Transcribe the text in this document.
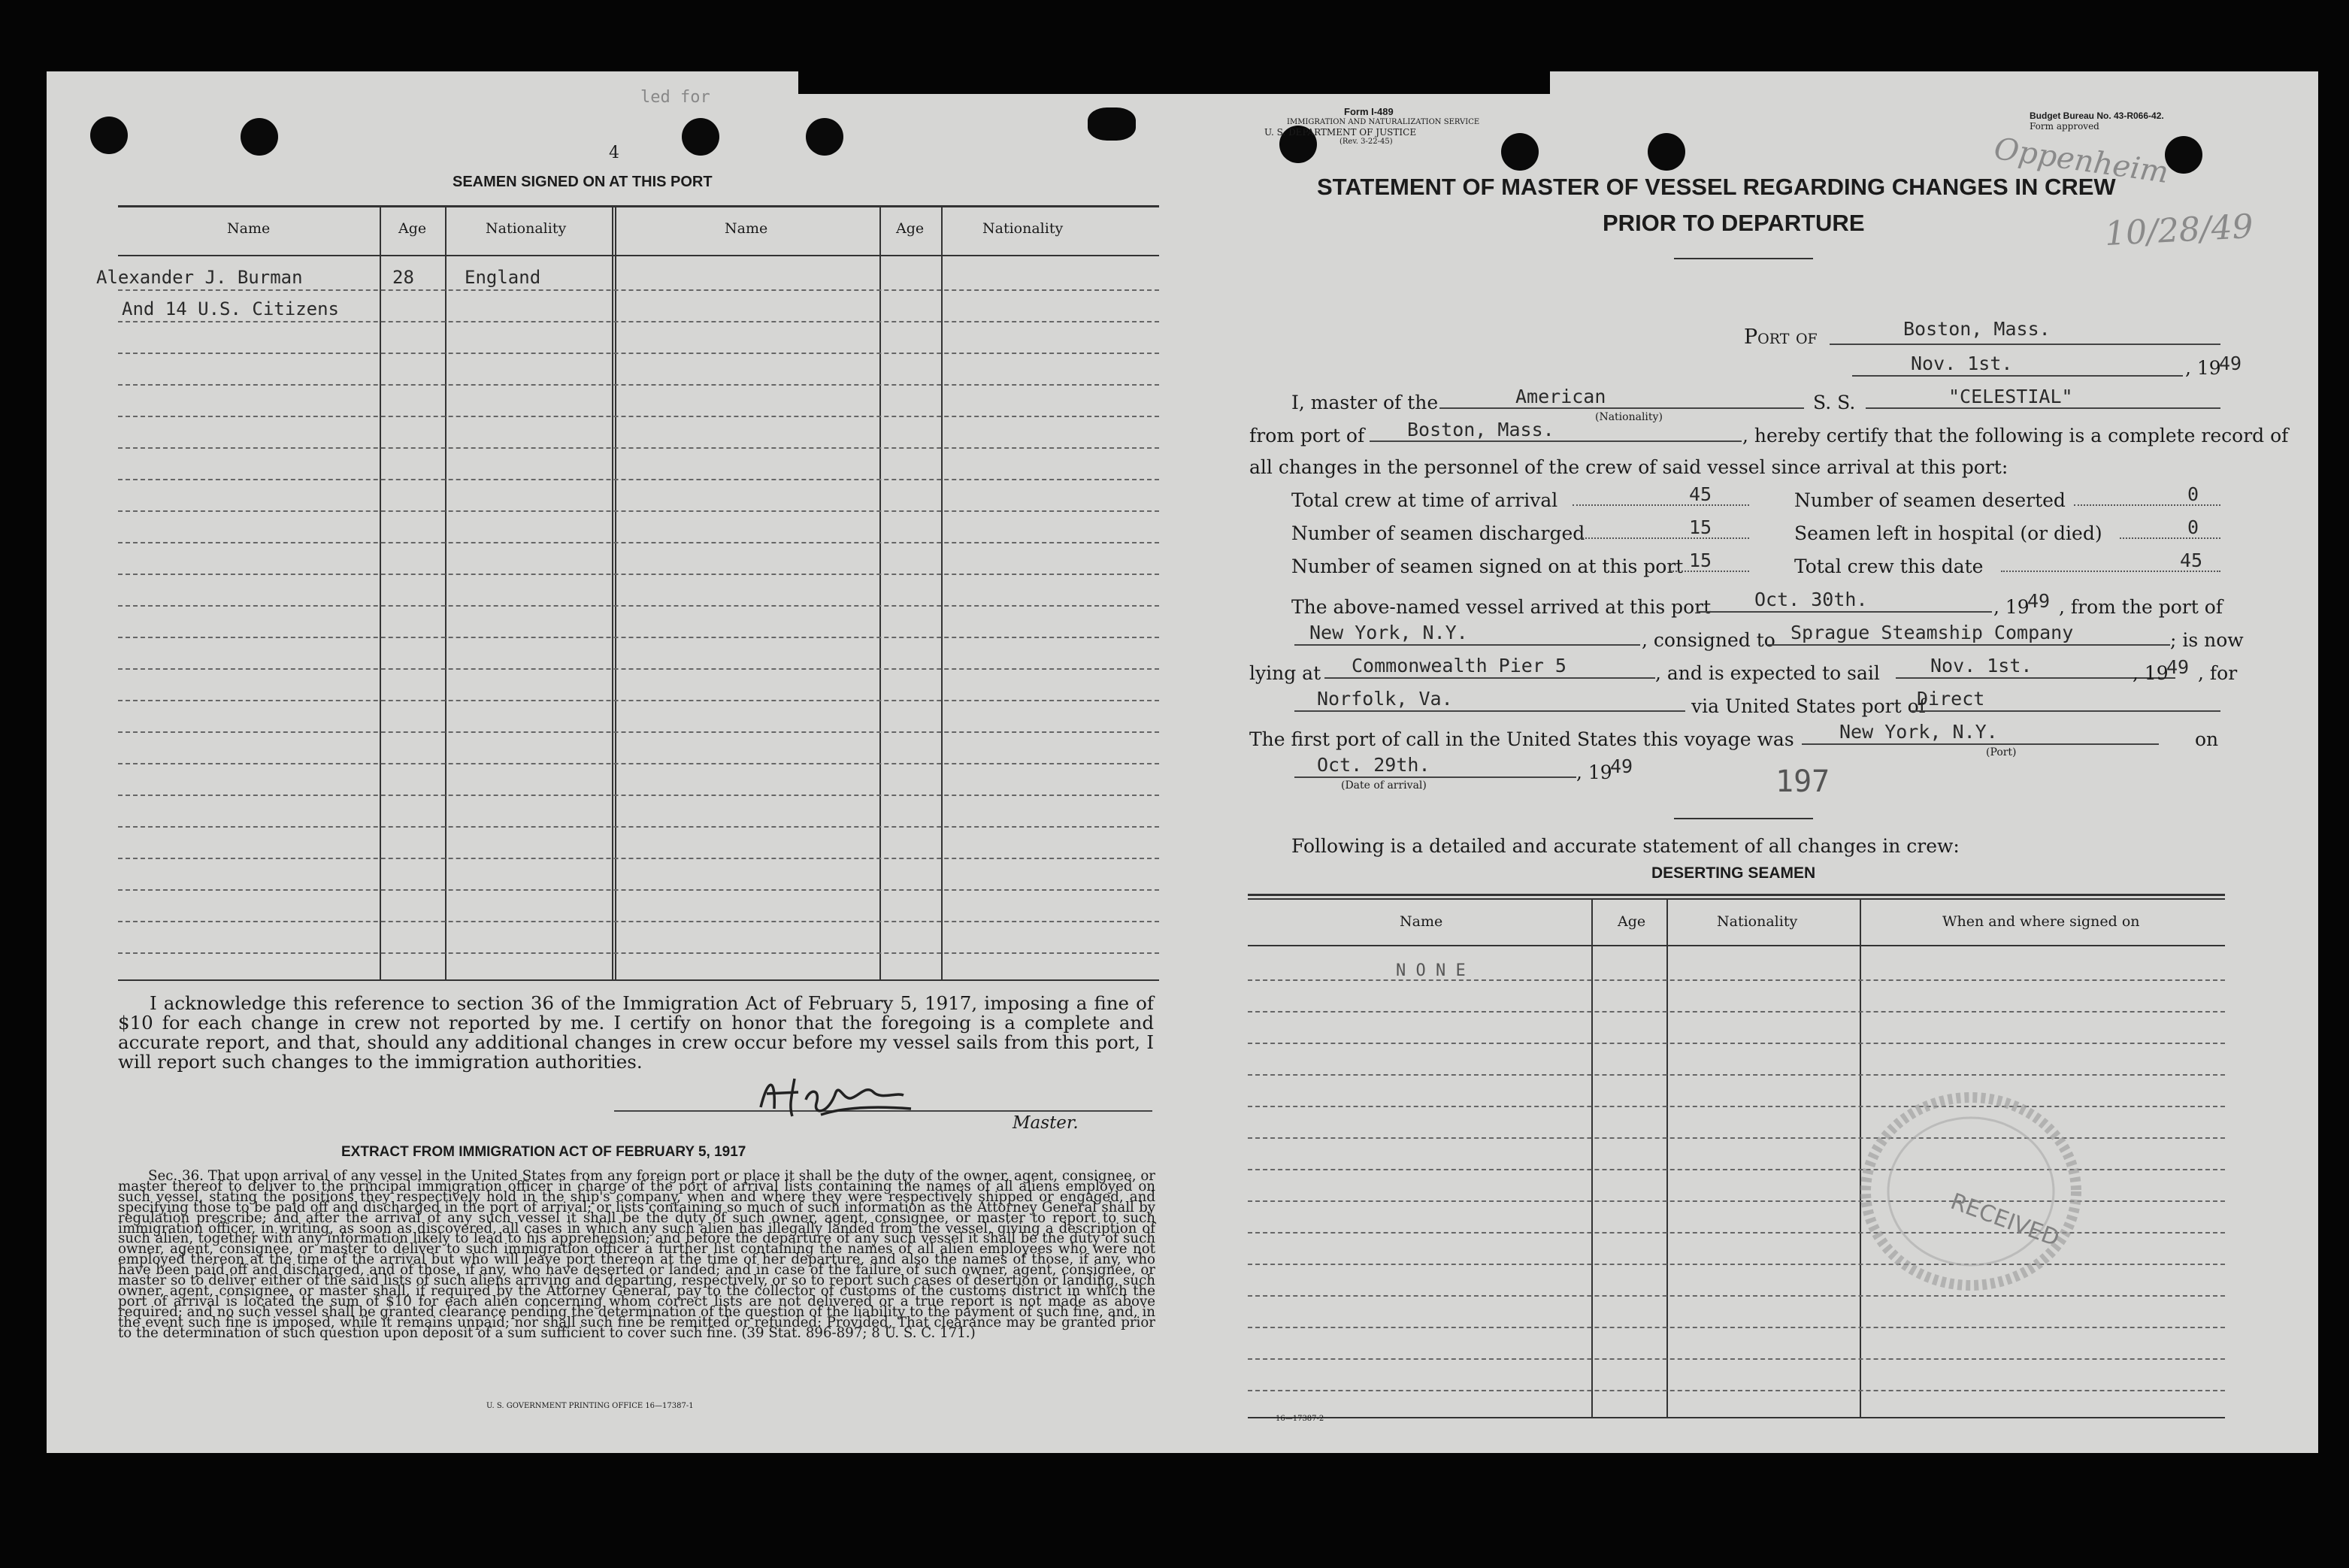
led for
4
SEAMEN SIGNED ON AT THIS PORT
Name	Age	Nationality	Name	Age	Nationality
Alexander J. Burman	28	England
And 14 U.S. Citizens
I acknowledge this reference to section 36 of the Immigration Act of February 5, 1917, imposing a fine of $10 for each change in crew not reported by me. I certify on honor that the foregoing is a complete and accurate report, and that, should any additional changes in crew occur before my vessel sails from this port, I will report such changes to the immigration authorities.
Master.
EXTRACT FROM IMMIGRATION ACT OF FEBRUARY 5, 1917
Sec. 36. That upon arrival of any vessel in the United States from any foreign port or place it shall be the duty of the owner, agent, consignee, or master thereof to deliver to the principal immigration officer in charge of the port of arrival lists containing the names of all aliens employed on such vessel, stating the positions they respectively hold in the ship's company, when and where they were respectively shipped or engaged, and specifying those to be paid off and discharged in the port of arrival; or lists containing so much of such information as the Attorney General shall by regulation prescribe; and after the arrival of any such vessel it shall be the duty of such owner, agent, consignee, or master to report to such immigration officer, in writing, as soon as discovered, all cases in which any such alien has illegally landed from the vessel, giving a description of such alien, together with any information likely to lead to his apprehension; and before the departure of any such vessel it shall be the duty of such owner, agent, consignee, or master to deliver to such immigration officer a further list containing the names of all alien employees who were not employed thereon at the time of the arrival but who will leave port thereon at the time of her departure, and also the names of those, if any, who have been paid off and discharged, and of those, if any, who have deserted or landed; and in case of the failure of such owner, agent, consignee, or master so to deliver either of the said lists of such aliens arriving and departing, respectively, or so to report such cases of desertion or landing, such owner, agent, consignee, or master shall, if required by the Attorney General, pay to the collector of customs of the customs district in which the port of arrival is located the sum of $10 for each alien concerning whom correct lists are not delivered or a true report is not made as above required; and no such vessel shall be granted clearance pending the determination of the question of the liability to the payment of such fine, and, in the event such fine is imposed, while it remains unpaid; nor shall such fine be remitted or refunded: Provided, That clearance may be granted prior to the determination of such question upon deposit of a sum sufficient to cover such fine. (39 Stat. 896-897; 8 U. S. C. 171.)
U. S. GOVERNMENT PRINTING OFFICE 16—17387-1
Form I-489
IMMIGRATION AND NATURALIZATION SERVICE
U. S. DEPARTMENT OF JUSTICE
(Rev. 3-22-45)
Budget Bureau No. 43-R066-42.
Form approved
STATEMENT OF MASTER OF VESSEL REGARDING CHANGES IN CREW
PRIOR TO DEPARTURE
Oppenheim
10/28/49
Port of	Boston, Mass.
Nov. 1st.	, 19
49
I, master of the	American
(Nationality)
S. S.	"CELESTIAL"
from port of Boston, Mass.	, hereby certify that the following is a complete record of
all changes in the personnel of the crew of said vessel since arrival at this port:
Total crew at time of arrival	45
Number of seamen discharged	15
Number of seamen signed on at this port 15
Number of seamen deserted	0
Seamen left in hospital (or died)	0
Total crew this date	45
The above-named vessel arrived at this port Oct. 30th.	, 19
49 , from the port of
New York, N.Y.	, consigned to Sprague Steamship Company	; is now
lying at Commonwealth Pier 5	, and is expected to sail	Nov. 1st.	, 19
49 , for
Norfolk, Va.	via United States port of
Direct
The first port of call in the United States this voyage was New York, N.Y.	on
(Port)
Oct. 29th.	, 19
49
(Date of arrival)	197
Following is a detailed and accurate statement of all changes in crew:
DESERTING SEAMEN
Name	Age	Nationality	When and where signed on
N O N E
RECEIVED
16—17387-2
